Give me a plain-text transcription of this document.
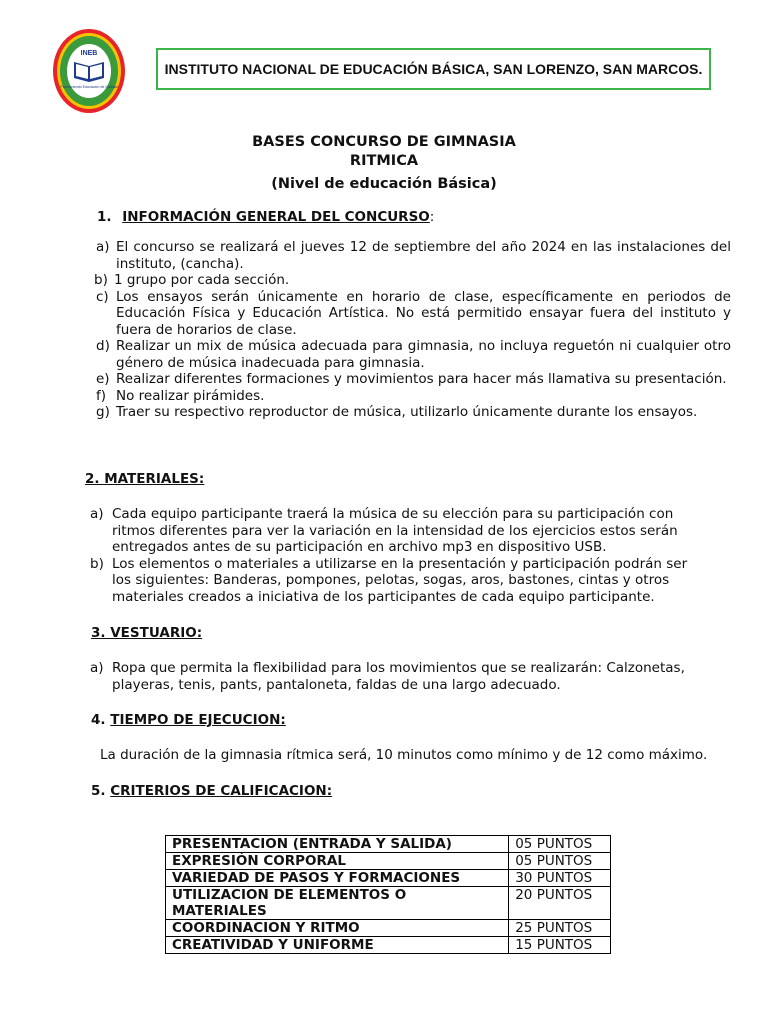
INEB
Promoviendo Educación de Calidad
INSTITUTO NACIONAL DE EDUCACIÓN BÁSICA, SAN LORENZO, SAN MARCOS.
BASES CONCURSO DE GIMNASIA
RITMICA
(Nivel de educación Básica)
1. INFORMACIÓN GENERAL DEL CONCURSO:
a) El concurso se realizará el jueves 12 de septiembre del año 2024 en las instalaciones del instituto, (cancha).
b) 1 grupo por cada sección.
c) Los ensayos serán únicamente en horario de clase, específicamente en periodos de Educación Física y Educación Artística. No está permitido ensayar fuera del instituto y fuera de horarios de clase.
d) Realizar un mix de música adecuada para gimnasia, no incluya reguetón ni cualquier otro género de música inadecuada para gimnasia.
e) Realizar diferentes formaciones y movimientos para hacer más llamativa su presentación.
f) No realizar pirámides.
g) Traer su respectivo reproductor de música, utilizarlo únicamente durante los ensayos.
2. MATERIALES:
a) Cada equipo participante traerá la música de su elección para su participación con ritmos diferentes para ver la variación en la intensidad de los ejercicios estos serán entregados antes de su participación en archivo mp3 en dispositivo USB.
b) Los elementos o materiales a utilizarse en la presentación y participación podrán ser los siguientes: Banderas, pompones, pelotas, sogas, aros, bastones, cintas y otros materiales creados a iniciativa de los participantes de cada equipo participante.
3. VESTUARIO:
a) Ropa que permita la flexibilidad para los movimientos que se realizarán: Calzonetas, playeras, tenis, pants, pantaloneta, faldas de una largo adecuado.
4. TIEMPO DE EJECUCION:
La duración de la gimnasia rítmica será, 10 minutos como mínimo y de 12 como máximo.
5. CRITERIOS DE CALIFICACION:
PRESENTACION (ENTRADA Y SALIDA)	05 PUNTOS
EXPRESIÓN CORPORAL	05 PUNTOS
VARIEDAD DE PASOS Y FORMACIONES	30 PUNTOS
UTILIZACION DE ELEMENTOS O MATERIALES	20 PUNTOS
COORDINACION Y RITMO	25 PUNTOS
CREATIVIDAD Y UNIFORME	15 PUNTOS
